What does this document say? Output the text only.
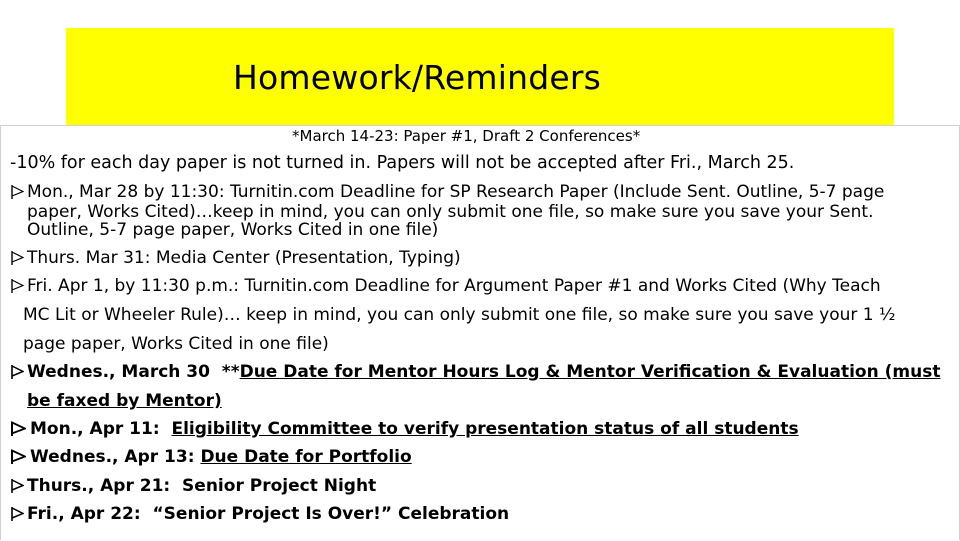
Homework/Reminders
*March 14-23: Paper #1, Draft 2 Conferences*
-10% for each day paper is not turned in. Papers will not be accepted after Fri., March 25.
Mon., Mar 28 by 11:30: Turnitin.com Deadline for SP Research Paper (Include Sent. Outline, 5-7 page
paper, Works Cited)…keep in mind, you can only submit one file, so make sure you save your Sent.
Outline, 5-7 page paper, Works Cited in one file)
Thurs. Mar 31: Media Center (Presentation, Typing)
Fri. Apr 1, by 11:30 p.m.: Turnitin.com Deadline for Argument Paper #1 and Works Cited (Why Teach
MC Lit or Wheeler Rule)… keep in mind, you can only submit one file, so make sure you save your 1 ½
page paper, Works Cited in one file)
Wednes., March 30  **Due Date for Mentor Hours Log & Mentor Verification & Evaluation (must
be faxed by Mentor)
Mon., Apr 11: Eligibility Committee to verify presentation status of all students
Wednes., Apr 13: Due Date for Portfolio
Thurs., Apr 21:  Senior Project Night
Fri., Apr 22:  “Senior Project Is Over!” Celebration
